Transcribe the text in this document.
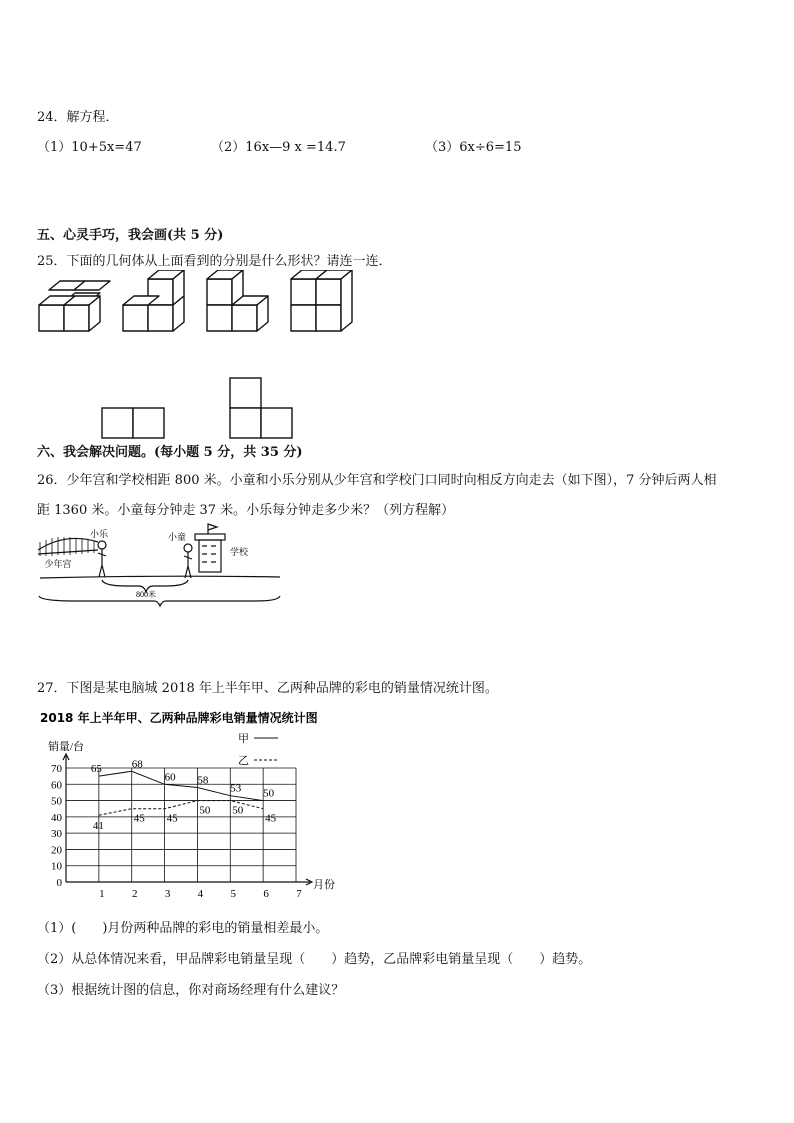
24．解方程．
（1）10+5x=47	（2）16x—9 x =14.7	（3）6x÷6=15
五、心灵手巧，我会画(共 5 分)
25．下面的几何体从上面看到的分别是什么形状？请连一连．
六、我会解决问题。(每小题 5 分，共 35 分)
26．少年宫和学校相距 800 米。小童和小乐分别从少年宫和学校门口同时向相反方向走去（如下图），7 分钟后两人相
距 1360 米。小童每分钟走 37 米。小乐每分钟走多少米？（列方程解）
小乐
少年宫
小童
学校
800米
27．下图是某电脑城 2018 年上半年甲、乙两种品牌的彩电的销量情况统计图。
2018 年上半年甲、乙两种品牌彩电销量情况统计图
销量/台
月份
甲
乙
0
10
20
30
40
50
60
70
1 2 3 4 5 6 7
65	68
60 58
53 50
41
45 45
50 50
45
（1）(　　)月份两种品牌的彩电的销量相差最小。
（2）从总体情况来看，甲品牌彩电销量呈现（　　）趋势，乙品牌彩电销量呈现（　　）趋势。
（3）根据统计图的信息，你对商场经理有什么建议？
